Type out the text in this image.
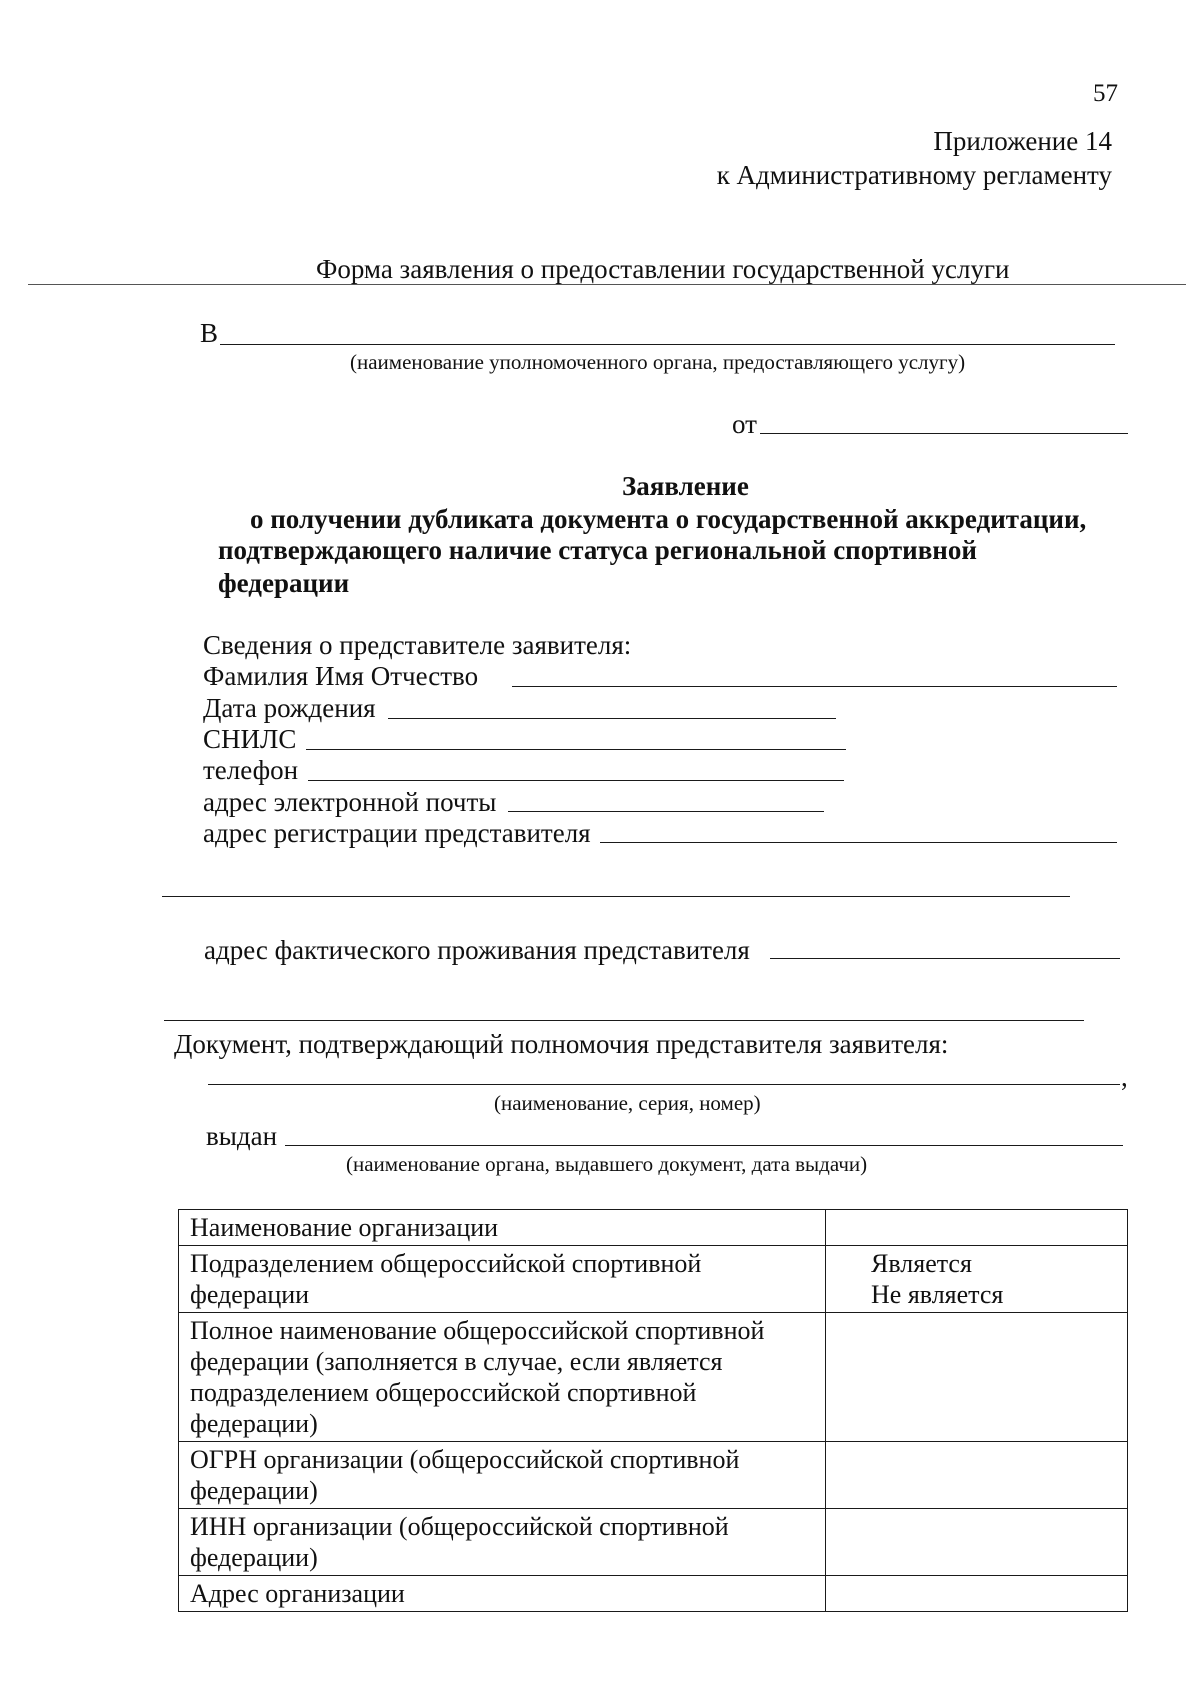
57
Приложение 14
к Административному регламенту
Форма заявления о предоставлении государственной услуги
В
(наименование уполномоченного органа, предоставляющего услугу)
от
Заявление
о получении дубликата документа о государственной аккредитации,
подтверждающего наличие статуса региональной спортивной
федерации
Сведения о представителе заявителя:
Фамилия Имя Отчество
Дата рождения
СНИЛС
телефон
адрес электронной почты
адрес регистрации представителя
адрес фактического проживания представителя
Документ, подтверждающий полномочия представителя заявителя:
,
(наименование, серия, номер)
выдан
(наименование органа, выдавшего документ, дата выдачи)
Наименование организации	
Подразделением общероссийской спортивной федерации	Является
Не является
Полное наименование общероссийской спортивной федерации (заполняется в случае, если является подразделением общероссийской спортивной федерации)	
ОГРН организации (общероссийской спортивной федерации)	
ИНН организации (общероссийской спортивной федерации)	
Адрес организации	
